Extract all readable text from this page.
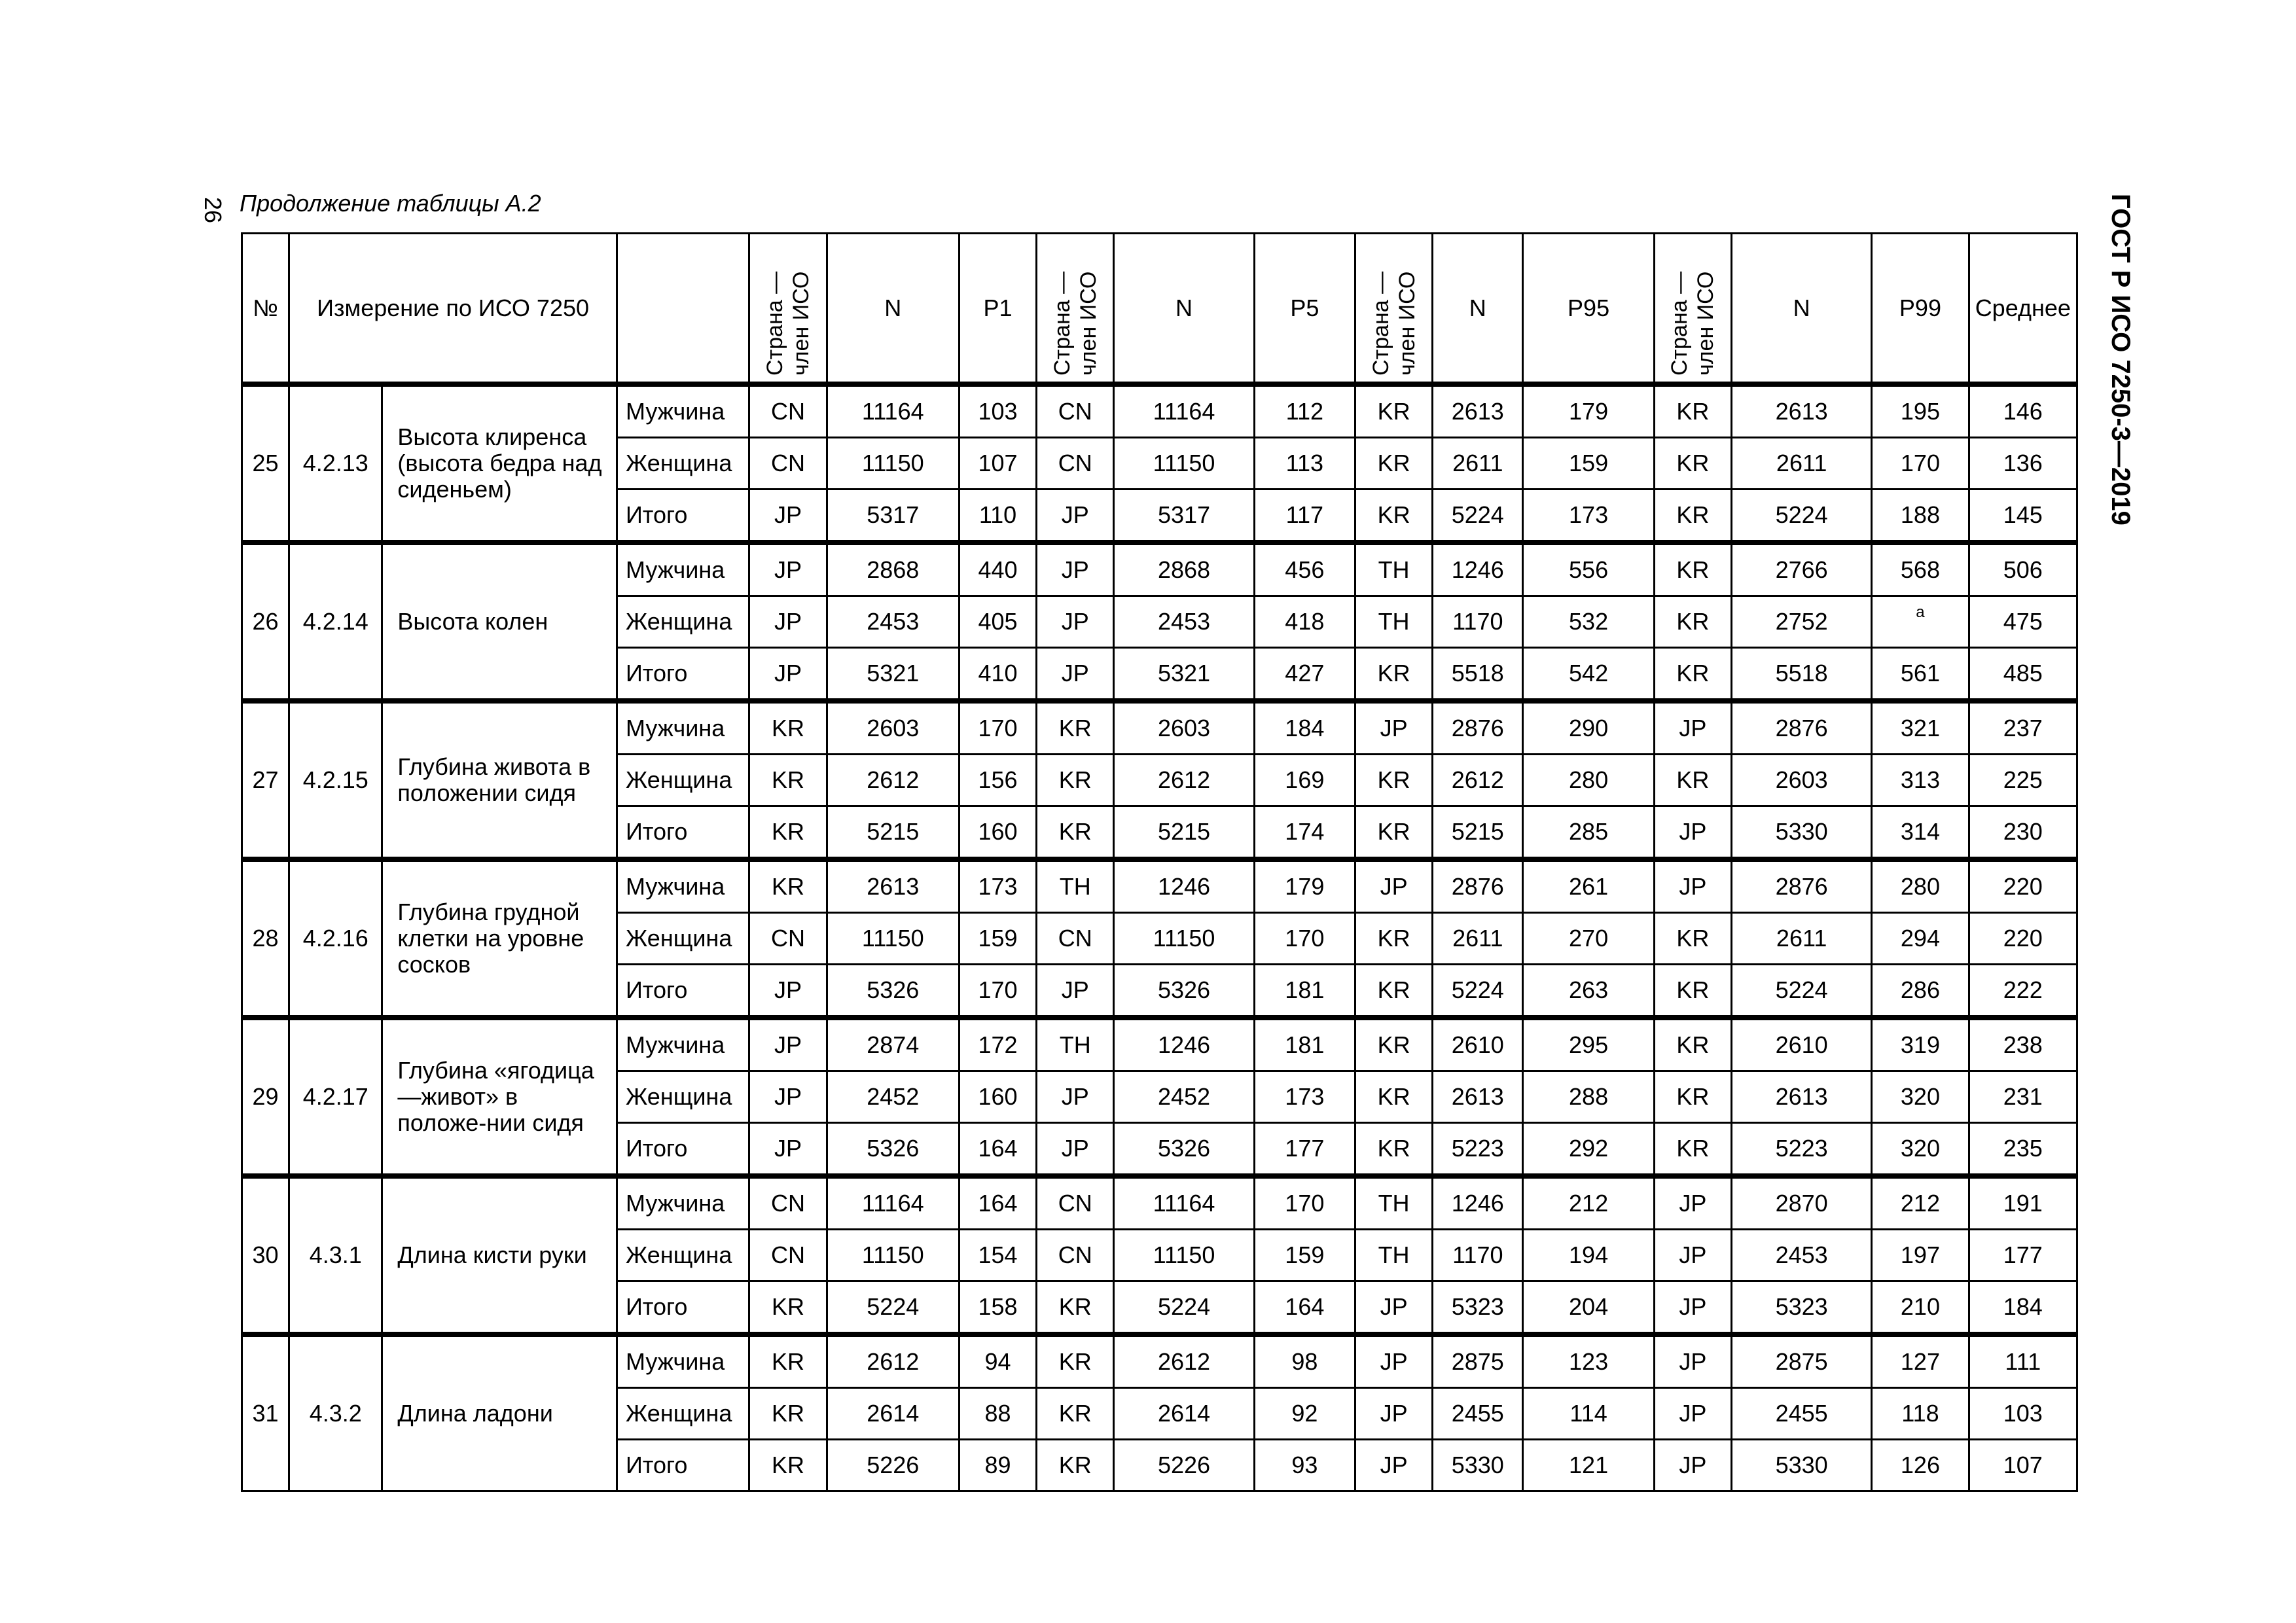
26 Продолжение таблицы А.2	ГОСТ Р ИСО 7250-3—2019
№	Измерение по ИСО 7250			Страна — член ИСО	N	P1	Страна — член ИСО	N	P5	Страна — член ИСО	N	P95	Страна — член ИСО	N	P99	Среднее
25	4.2.13	Высота клиренса (высота бедра над сиденьем)	Мужчина	CN	11164	103	CN	11164	112	KR	2613	179	KR	2613	195	146
			Женщина	CN	11150	107	CN	11150	113	KR	2611	159	KR	2611	170	136
			Итого	JP	5317	110	JP	5317	117	KR	5224	173	KR	5224	188	145
26	4.2.14	Высота колен	Мужчина	JP	2868	440	JP	2868	456	TH	1246	556	KR	2766	568	506
			Женщина	JP	2453	405	JP	2453	418	TH	1170	532	KR	2752	$^a$	475
			Итого	JP	5321	410	JP	5321	427	KR	5518	542	KR	5518	561	485
27	4.2.15	Глубина живота в положении сидя	Мужчина	KR	2603	170	KR	2603	184	JP	2876	290	JP	2876	321	237
			Женщина	KR	2612	156	KR	2612	169	KR	2612	280	KR	2603	313	225
			Итого	KR	5215	160	KR	5215	174	KR	5215	285	JP	5330	314	230
28	4.2.16	Глубина грудной клетки на уровне сосков	Мужчина	KR	2613	173	TH	1246	179	JP	2876	261	JP	2876	280	220
			Женщина	CN	11150	159	CN	11150	170	KR	2611	270	KR	2611	294	220
			Итого	JP	5326	170	JP	5326	181	KR	5224	263	KR	5224	286	222
29	4.2.17	Глубина «ягодица—живот» в положе-нии сидя	Мужчина	JP	2874	172	TH	1246	181	KR	2610	295	KR	2610	319	238
			Женщина	JP	2452	160	JP	2452	173	KR	2613	288	KR	2613	320	231
			Итого	JP	5326	164	JP	5326	177	KR	5223	292	KR	5223	320	235
30	4.3.1	Длина кисти руки	Мужчина	CN	11164	164	CN	11164	170	TH	1246	212	JP	2870	212	191
			Женщина	CN	11150	154	CN	11150	159	TH	1170	194	JP	2453	197	177
			Итого	KR	5224	158	KR	5224	164	JP	5323	204	JP	5323	210	184
31	4.3.2	Длина ладони	Мужчина	KR	2612	94	KR	2612	98	JP	2875	123	JP	2875	127	111
			Женщина	KR	2614	88	KR	2614	92	JP	2455	114	JP	2455	118	103
			Итого	KR	5226	89	KR	5226	93	JP	5330	121	JP	5330	126	107
